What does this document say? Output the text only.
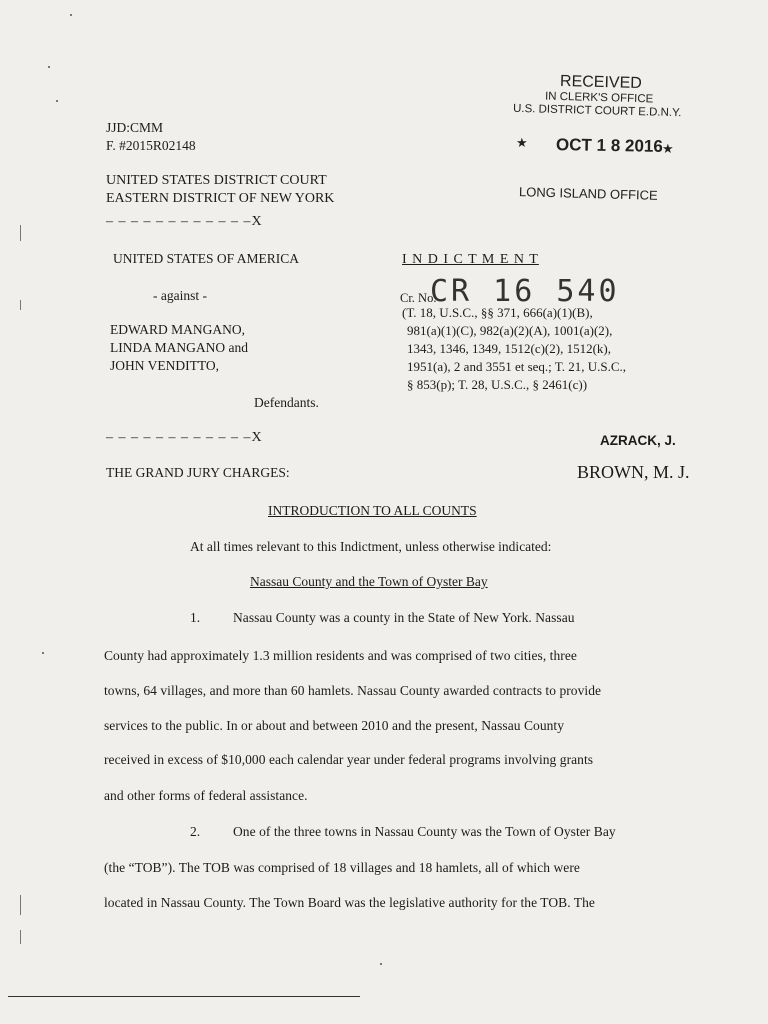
JJD:CMM
F. #2015R02148
UNITED STATES DISTRICT COURT
EASTERN DISTRICT OF NEW YORK
– – – – – – – – – – – –X
RECEIVED
IN CLERK'S OFFICE
U.S. DISTRICT COURT E.D.N.Y.
★ OCT 1 8 2016 ★
LONG ISLAND OFFICE
UNITED STATES OF AMERICA
- against -
EDWARD MANGANO,
LINDA MANGANO and
JOHN VENDITTO,
Defendants.
– – – – – – – – – – – –X
I N D I C T M E N T
Cr. No.
CR 16 540
(T. 18, U.S.C., §§ 371, 666(a)(1)(B),
981(a)(1)(C), 982(a)(2)(A), 1001(a)(2),
1343, 1346, 1349, 1512(c)(2), 1512(k),
1951(a), 2 and 3551 et seq.; T. 21, U.S.C.,
§ 853(p); T. 28, U.S.C., § 2461(c))
AZRACK, J.
BROWN, M. J.
THE GRAND JURY CHARGES:
INTRODUCTION TO ALL COUNTS
At all times relevant to this Indictment, unless otherwise indicated:
Nassau County and the Town of Oyster Bay
1. Nassau County was a county in the State of New York. Nassau
County had approximately 1.3 million residents and was comprised of two cities, three
towns, 64 villages, and more than 60 hamlets. Nassau County awarded contracts to provide
services to the public. In or about and between 2010 and the present, Nassau County
received in excess of $10,000 each calendar year under federal programs involving grants
and other forms of federal assistance.
2. One of the three towns in Nassau County was the Town of Oyster Bay
(the “TOB”). The TOB was comprised of 18 villages and 18 hamlets, all of which were
located in Nassau County. The Town Board was the legislative authority for the TOB. The
